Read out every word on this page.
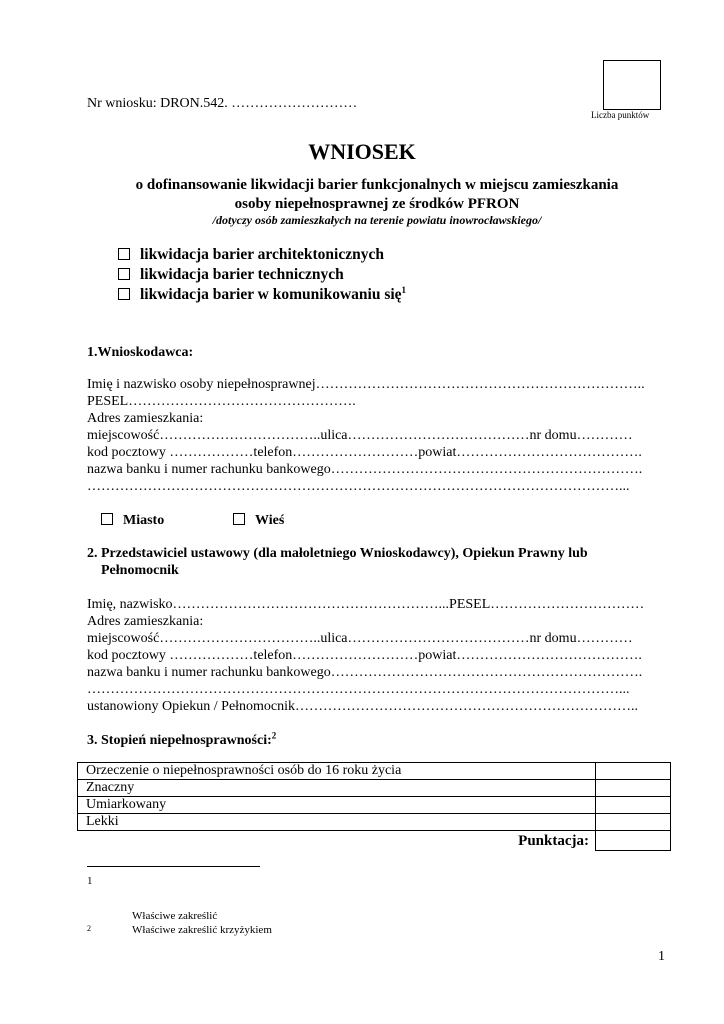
Nr wniosku: DRON.542. ………………………
Liczba punktów
WNIOSEK
o dofinansowanie likwidacji barier funkcjonalnych w miejscu zamieszkania
osoby niepełnosprawnej ze środków PFRON
/dotyczy osób zamieszkałych na terenie powiatu inowrocławskiego/
likwidacja barier architektonicznych
likwidacja barier technicznych
likwidacja barier w komunikowaniu się$^1$
1.Wnioskodawca:
Imię i nazwisko osoby niepełnosprawnej……………………………………………………………..
PESEL………………………………………….
Adres zamieszkania:
miejscowość……………………………..ulica…………………………………nr domu…………
kod pocztowy ………………telefon………………………powiat………………………………….
nazwa banku i numer rachunku bankowego………………………………………………………….
……………………………………………………………………………………………………...
Miasto	Wieś
2. Przedstawiciel ustawowy (dla małoletniego Wnioskodawcy), Opiekun Prawny lub
Pełnomocnik
Imię, nazwisko…………………………………………………...PESEL……………………………
Adres zamieszkania:
miejscowość……………………………..ulica…………………………………nr domu…………
kod pocztowy ………………telefon………………………powiat………………………………….
nazwa banku i numer rachunku bankowego………………………………………………………….
……………………………………………………………………………………………………...
ustanowiony Opiekun / Pełnomocnik………………………………………………………………..
3. Stopień niepełnosprawności:$^2$
Orzeczenie o niepełnosprawności osób do 16 roku życia	
Znaczny	
Umiarkowany	
Lekki	
Punktacja:	
1
Właściwe zakreślić
2	Właściwe zakreślić krzyżykiem
1
